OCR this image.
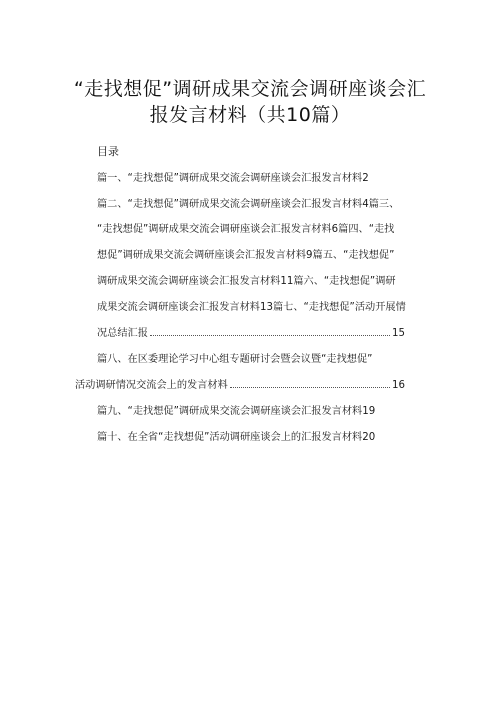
“走找想促”调研成果交流会调研座谈会汇
报发言材料（共10篇）
目录
篇一、“走找想促”调研成果交流会调研座谈会汇报发言材料2
篇二、“走找想促”调研成果交流会调研座谈会汇报发言材料4篇三、
“走找想促”调研成果交流会调研座谈会汇报发言材料6篇四、“走找
想促”调研成果交流会调研座谈会汇报发言材料9篇五、“走找想促”
调研成果交流会调研座谈会汇报发言材料11篇六、“走找想促”调研
成果交流会调研座谈会汇报发言材料13篇七、“走找想促”活动开展情
况总结汇报	15
篇八、在区委理论学习中心组专题研讨会暨会议暨“走找想促”
活动调研情况交流会上的发言材料	16
篇九、“走找想促”调研成果交流会调研座谈会汇报发言材料19
篇十、在全省“走找想促”活动调研座谈会上的汇报发言材料20
